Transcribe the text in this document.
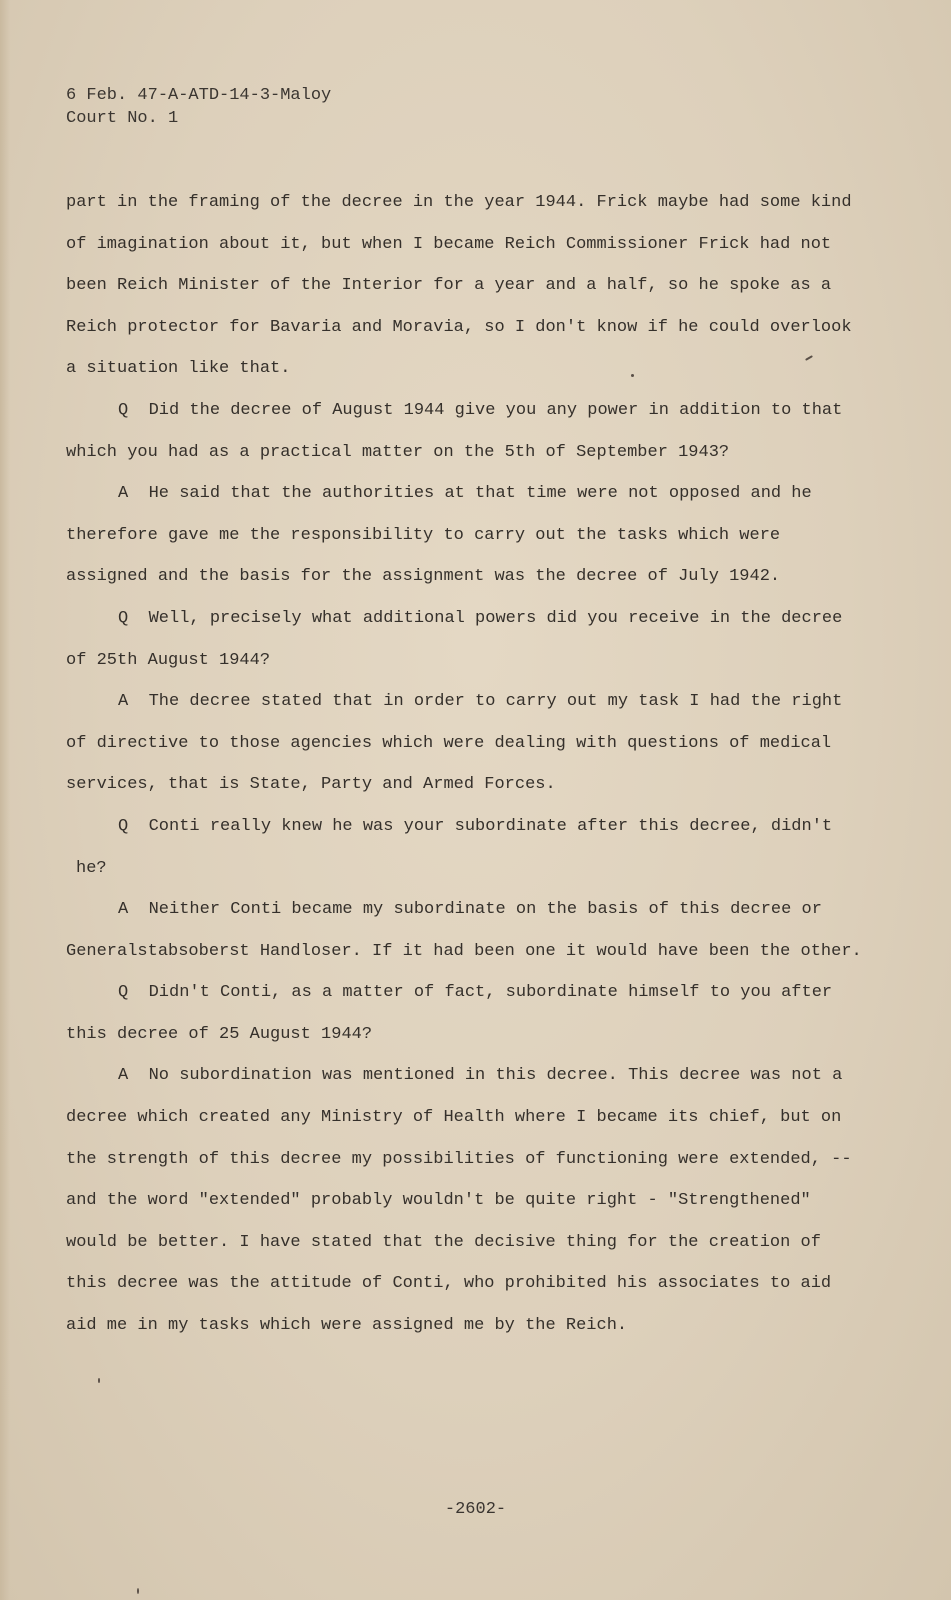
6 Feb. 47-A-ATD-14-3-Maloy
Court No. 1
part in the framing of the decree in the year 1944. Frick maybe had some kind
of imagination about it, but when I became Reich Commissioner Frick had not
been Reich Minister of the Interior for a year and a half, so he spoke as a
Reich protector for Bavaria and Moravia, so I don't know if he could overlook
a situation like that.
Q  Did the decree of August 1944 give you any power in addition to that
which you had as a practical matter on the 5th of September 1943?
A  He said that the authorities at that time were not opposed and he
therefore gave me the responsibility to carry out the tasks which were
assigned and the basis for the assignment was the decree of July 1942.
Q  Well, precisely what additional powers did you receive in the decree
of 25th August 1944?
A  The decree stated that in order to carry out my task I had the right
of directive to those agencies which were dealing with questions of medical
services, that is State, Party and Armed Forces.
Q  Conti really knew he was your subordinate after this decree, didn't
he?
A  Neither Conti became my subordinate on the basis of this decree or
Generalstabsoberst Handloser. If it had been one it would have been the other.
Q  Didn't Conti, as a matter of fact, subordinate himself to you after
this decree of 25 August 1944?
A  No subordination was mentioned in this decree. This decree was not a
decree which created any Ministry of Health where I became its chief, but on
the strength of this decree my possibilities of functioning were extended, --
and the word "extended" probably wouldn't be quite right - "Strengthened"
would be better. I have stated that the decisive thing for the creation of
this decree was the attitude of Conti, who prohibited his associates to aid
aid me in my tasks which were assigned me by the Reich.
-2602-
